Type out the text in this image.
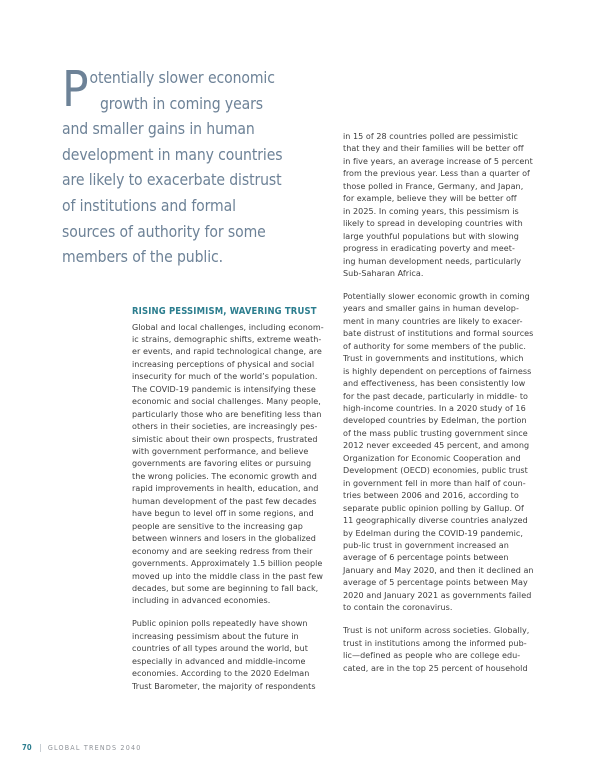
P otentially slower economic
growth in coming years
and smaller gains in human
development in many countries
are likely to exacerbate distrust
of institutions and formal
sources of authority for some
members of the public.
RISING PESSIMISM, WAVERING TRUST

Global and local challenges, including econom-
ic strains, demographic shifts, extreme weath-
er events, and rapid technological change, are
increasing perceptions of physical and social
insecurity for much of the world’s population.
The COVID-19 pandemic is intensifying these
economic and social challenges. Many people,
particularly those who are benefiting less than
others in their societies, are increasingly pes-
simistic about their own prospects, frustrated
with government performance, and believe
governments are favoring elites or pursuing
the wrong policies. The economic growth and
rapid improvements in health, education, and
human development of the past few decades
have begun to level off in some regions, and
people are sensitive to the increasing gap
between winners and losers in the globalized
economy and are seeking redress from their
governments. Approximately 1.5 billion people
moved up into the middle class in the past few
decades, but some are beginning to fall back,
including in advanced economies.

Public opinion polls repeatedly have shown
increasing pessimism about the future in
countries of all types around the world, but
especially in advanced and middle-income
economies. According to the 2020 Edelman
Trust Barometer, the majority of respondents

in 15 of 28 countries polled are pessimistic
that they and their families will be better off
in five years, an average increase of 5 percent
from the previous year. Less than a quarter of
those polled in France, Germany, and Japan,
for example, believe they will be better off
in 2025. In coming years, this pessimism is
likely to spread in developing countries with
large youthful populations but with slowing
progress in eradicating poverty and meet-
ing human development needs, particularly
Sub-Saharan Africa.

Potentially slower economic growth in coming
years and smaller gains in human develop-
ment in many countries are likely to exacer-
bate distrust of institutions and formal sources
of authority for some members of the public.
Trust in governments and institutions, which
is highly dependent on perceptions of fairness
and effectiveness, has been consistently low
for the past decade, particularly in middle- to
high-income countries. In a 2020 study of 16
developed countries by Edelman, the portion
of the mass public trusting government since
2012 never exceeded 45 percent, and among
Organization for Economic Cooperation and
Development (OECD) economies, public trust
in government fell in more than half of coun-
tries between 2006 and 2016, according to
separate public opinion polling by Gallup. Of
11 geographically diverse countries analyzed
by Edelman during the COVID-19 pandemic,
pub-lic trust in government increased an
average of 6 percentage points between
January and May 2020, and then it declined an
average of 5 percentage points between May
2020 and January 2021 as governments failed
to contain the coronavirus.

Trust is not uniform across societies. Globally,
trust in institutions among the informed pub-
lic—defined as people who are college edu-
cated, are in the top 25 percent of household

70 GLOBAL TRENDS 2040
